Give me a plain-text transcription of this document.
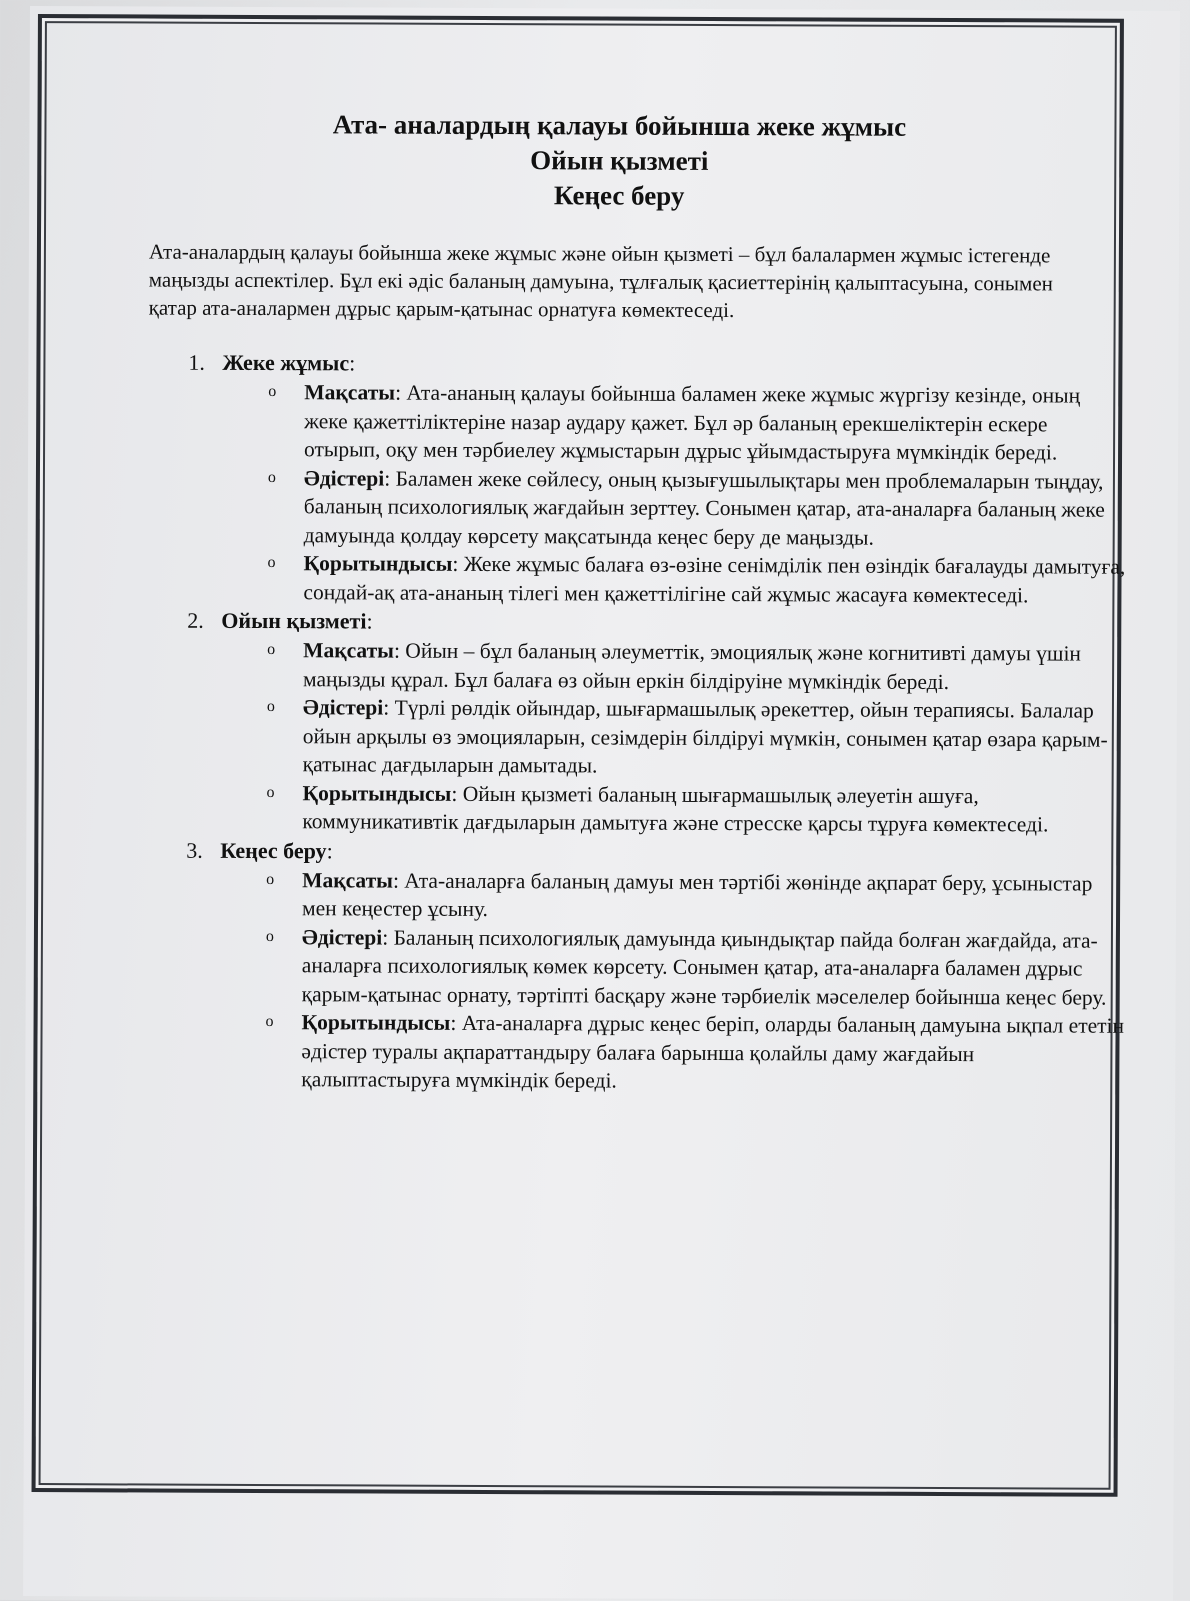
Ата- аналардың қалауы бойынша жеке жұмыс
Ойын қызметі
Кеңес беру

Ата-аналардың қалауы бойынша жеке жұмыс және ойын қызметі – бұл балалармен жұмыс істегенде маңызды аспектілер. Бұл екі әдіс баланың дамуына, тұлғалық қасиеттерінің қалыптасуына, сонымен қатар ата-аналармен дұрыс қарым-қатынас орнатуға көмектеседі.

1. Жеке жұмыс:
o	Мақсаты: Ата-ананың қалауы бойынша баламен жеке жұмыс жүргізу кезінде, оның жеке қажеттіліктеріне назар аудару қажет. Бұл әр баланың ерекшеліктерін ескере отырып, оқу мен тәрбиелеу жұмыстарын дұрыс ұйымдастыруға мүмкіндік береді.
o	Әдістері: Баламен жеке сөйлесу, оның қызығушылықтары мен проблемаларын тыңдау, баланың психологиялық жағдайын зерттеу. Сонымен қатар, ата-аналарға баланың жеке дамуында қолдау көрсету мақсатында кеңес беру де маңызды.
o	Қорытындысы: Жеке жұмыс балаға өз-өзіне сенімділік пен өзіндік бағалауды дамытуға, сондай-ақ ата-ананың тілегі мен қажеттілігіне сай жұмыс жасауға көмектеседі.
2. Ойын қызметі:
o	Мақсаты: Ойын – бұл баланың әлеуметтік, эмоциялық және когнитивті дамуы үшін маңызды құрал. Бұл балаға өз ойын еркін білдіруіне мүмкіндік береді.
o	Әдістері: Түрлі рөлдік ойындар, шығармашылық әрекеттер, ойын терапиясы. Балалар ойын арқылы өз эмоцияларын, сезімдерін білдіруі мүмкін, сонымен қатар өзара қарым-қатынас дағдыларын дамытады.
o	Қорытындысы: Ойын қызметі баланың шығармашылық әлеуетін ашуға, коммуникативтік дағдыларын дамытуға және стресске қарсы тұруға көмектеседі.
3. Кеңес беру:
o	Мақсаты: Ата-аналарға баланың дамуы мен тәртібі жөнінде ақпарат беру, ұсыныстар мен кеңестер ұсыну.
o	Әдістері: Баланың психологиялық дамуында қиындықтар пайда болған жағдайда, ата-аналарға психологиялық көмек көрсету. Сонымен қатар, ата-аналарға баламен дұрыс қарым-қатынас орнату, тәртіпті басқару және тәрбиелік мәселелер бойынша кеңес беру.
o	Қорытындысы: Ата-аналарға дұрыс кеңес беріп, оларды баланың дамуына ықпал ететін әдістер туралы ақпараттандыру балаға барынша қолайлы даму жағдайын қалыптастыруға мүмкіндік береді.
